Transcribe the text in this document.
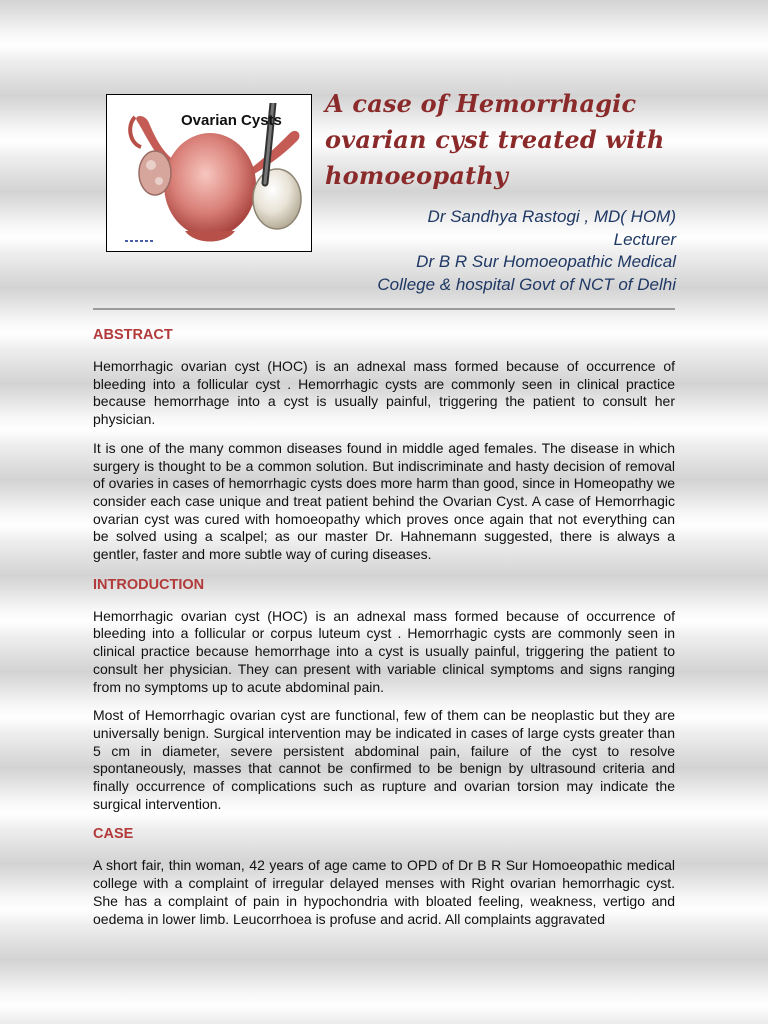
Ovarian Cysts
A case of Hemorrhagic ovarian cyst treated with homoeopathy
Dr Sandhya Rastogi , MD( HOM)
Lecturer
Dr B R Sur Homoeopathic Medical
College & hospital Govt of NCT of Delhi
ABSTRACT

Hemorrhagic ovarian cyst (HOC) is an adnexal mass formed because of occurrence of bleeding into a follicular cyst . Hemorrhagic cysts are commonly seen in clinical practice because hemorrhage into a cyst is usually painful, triggering the patient to consult her physician.

It is one of the many common diseases found in middle aged females. The disease in which surgery is thought to be a common solution. But indiscriminate and hasty decision of removal of ovaries in cases of hemorrhagic cysts does more harm than good, since in Homeopathy we consider each case unique and treat patient behind the Ovarian Cyst. A case of Hemorrhagic ovarian cyst was cured with homoeopathy which proves once again that not everything can be solved using a scalpel; as our master Dr. Hahnemann suggested, there is always a gentler, faster and more subtle way of curing diseases.

INTRODUCTION

Hemorrhagic ovarian cyst (HOC) is an adnexal mass formed because of occurrence of bleeding into a follicular or corpus luteum cyst . Hemorrhagic cysts are commonly seen in clinical practice because hemorrhage into a cyst is usually painful, triggering the patient to consult her physician. They can present with variable clinical symptoms and signs ranging from no symptoms up to acute abdominal pain.

Most of Hemorrhagic ovarian cyst are functional, few of them can be neoplastic but they are universally benign. Surgical intervention may be indicated in cases of large cysts greater than 5 cm in diameter, severe persistent abdominal pain, failure of the cyst to resolve spontaneously, masses that cannot be confirmed to be benign by ultrasound criteria and finally occurrence of complications such as rupture and ovarian torsion may indicate the surgical intervention.

CASE

A short fair, thin woman, 42 years of age came to OPD of Dr B R Sur Homoeopathic medical college with a complaint of irregular delayed menses with Right ovarian hemorrhagic cyst. She has a complaint of pain in hypochondria with bloated feeling, weakness, vertigo and oedema in lower limb. Leucorrhoea is profuse and acrid. All complaints aggravated
